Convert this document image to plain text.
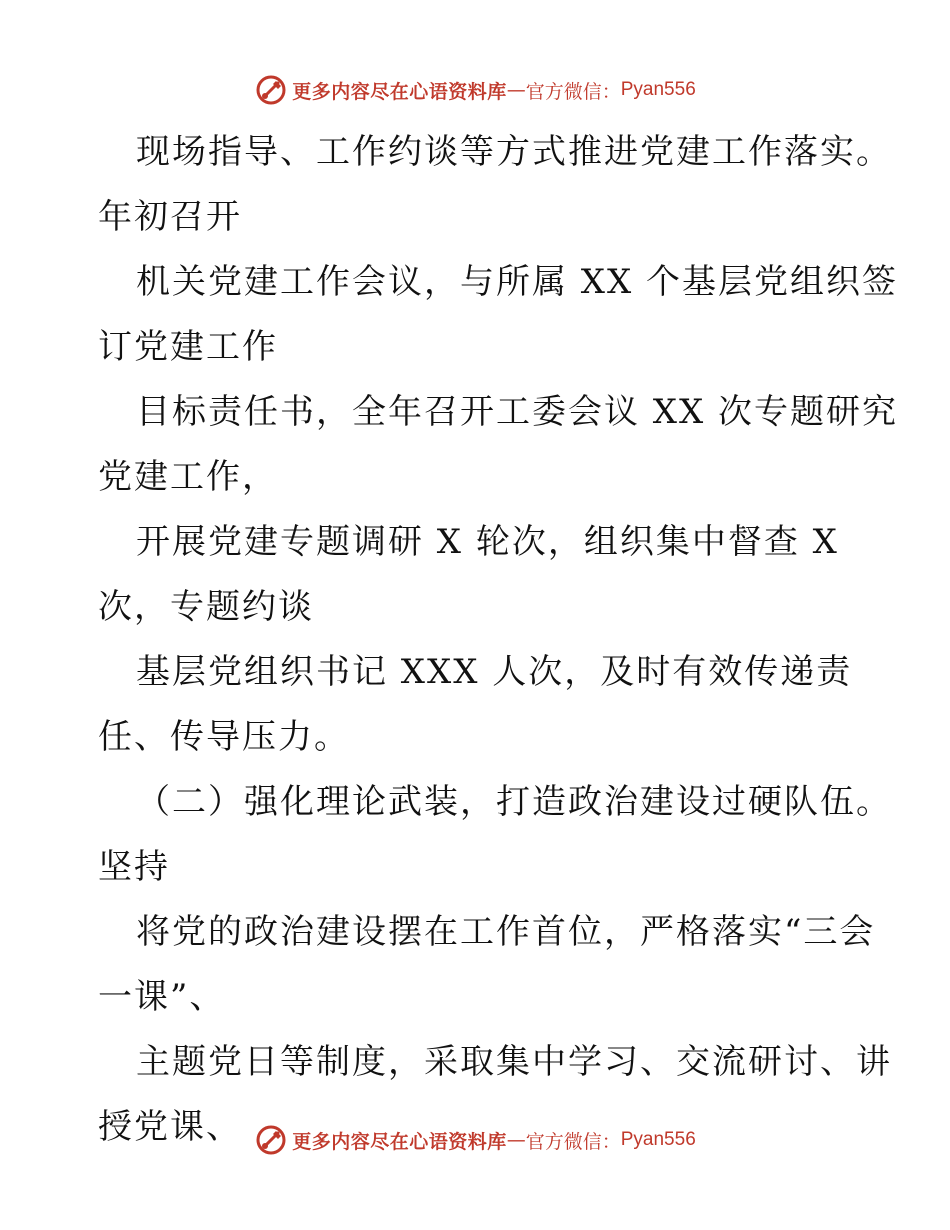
更多内容尽在心语资料库 — 官方微信： Pyan556
现场指导、工作约谈等方式推进党建工作落实。
年初召开
机关党建工作会议，与所属 XX 个基层党组织签
订党建工作
目标责任书，全年召开工委会议 XX 次专题研究
党建工作，
开展党建专题调研 X 轮次，组织集中督查 X
次，专题约谈
基层党组织书记 XXX 人次，及时有效传递责
任、传导压力。
（二）强化理论武装，打造政治建设过硬队伍。
坚持
将党的政治建设摆在工作首位，严格落实“三会
一课”、
主题党日等制度，采取集中学习、交流研讨、讲
授党课、	更多内容尽在心语资料库 — 官方微信： Pyan556
